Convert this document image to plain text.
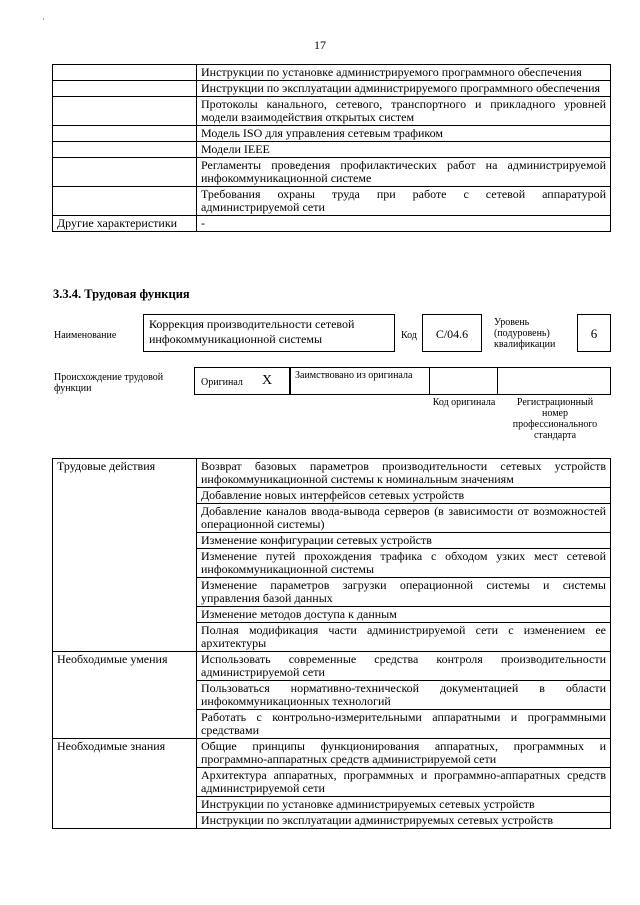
·
17
	Инструкции по установке администрируемого программного обеспечения
	Инструкции по эксплуатации администрируемого программного обеспечения
	Протоколы канального, сетевого, транспортного и прикладного уровней модели взаимодействия открытых систем
	Модель ISO для управления сетевым трафиком
	Модели IEEE
	Регламенты проведения профилактических работ на администрируемой инфокоммуникационной системе
	Требования охраны труда при работе с сетевой аппаратурой администрируемой сети
Другие характеристики	-
3.3.4. Трудовая функция
Наименование
Коррекция производительности сетевой инфокоммуникационной системы	Код	C/04.6
Уровень (подуровень) квалификации
6
Происхождение трудовой функции
Оригинал X Заимствовано из оригинала
Код оригинала	Регистрационный номер профессионального стандарта
Трудовые действия	Возврат базовых параметров производительности сетевых устройств инфокоммуникационной системы к номинальным значениям
	Добавление новых интерфейсов сетевых устройств
	Добавление каналов ввода-вывода серверов (в зависимости от возможностей операционной системы)
	Изменение конфигурации сетевых устройств
	Изменение путей прохождения трафика с обходом узких мест сетевой инфокоммуникационной системы
	Изменение параметров загрузки операционной системы и системы управления базой данных
	Изменение методов доступа к данным
	Полная модификация части администрируемой сети с изменением ее архитектуры
Необходимые умения	Использовать современные средства контроля производительности администрируемой сети
	Пользоваться нормативно-технической документацией в области инфокоммуникационных технологий
	Работать с контрольно-измерительными аппаратными и программными средствами
Необходимые знания	Общие принципы функционирования аппаратных, программных и программно-аппаратных средств администрируемой сети
	Архитектура аппаратных, программных и программно-аппаратных средств администрируемой сети
	Инструкции по установке администрируемых сетевых устройств
	Инструкции по эксплуатации администрируемых сетевых устройств
